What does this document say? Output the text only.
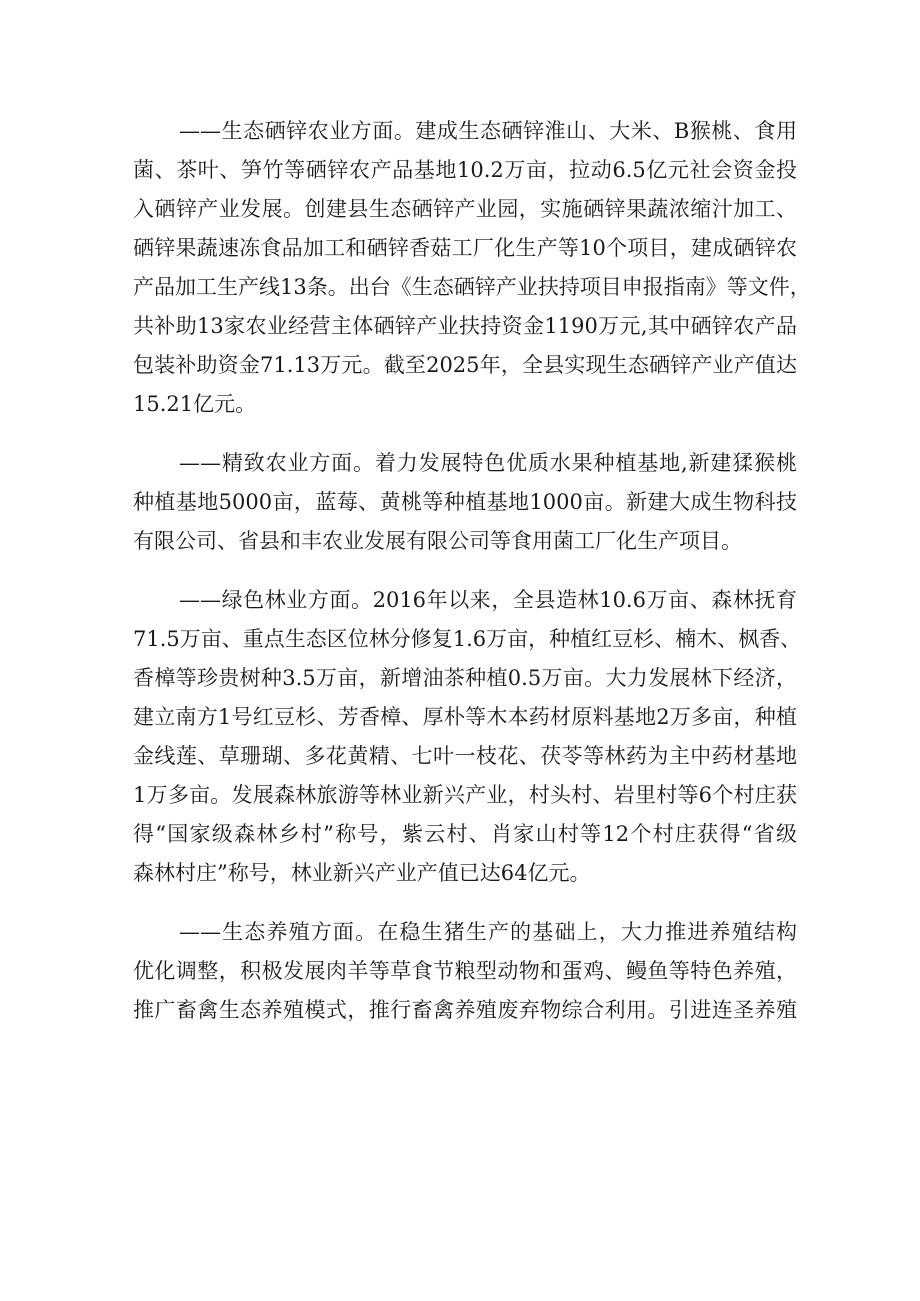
——生态硒锌农业方面。建成生态硒锌淮山、大米、B猴桃、食用
菌、茶叶、笋竹等硒锌农产品基地10.2万亩，拉动6.5亿元社会资金投
入硒锌产业发展。创建县生态硒锌产业园，实施硒锌果蔬浓缩汁加工、
硒锌果蔬速冻食品加工和硒锌香菇工厂化生产等10个项目，建成硒锌农
产品加工生产线13条。出台《生态硒锌产业扶持项目申报指南》等文件，
共补助13家农业经营主体硒锌产业扶持资金1190万元,其中硒锌农产品
包装补助资金71.13万元。截至2025年，全县实现生态硒锌产业产值达
15.21亿元。
——精致农业方面。着力发展特色优质水果种植基地,新建猱猴桃
种植基地5000亩，蓝莓、黄桃等种植基地1000亩。新建大成生物科技
有限公司、省县和丰农业发展有限公司等食用菌工厂化生产项目。
——绿色林业方面。2016年以来，全县造林10.6万亩、森林抚育
71.5万亩、重点生态区位林分修复1.6万亩，种植红豆杉、楠木、枫香、
香樟等珍贵树种3.5万亩，新增油茶种植0.5万亩。大力发展林下经济，
建立南方1号红豆杉、芳香樟、厚朴等木本药材原料基地2万多亩，种植
金线莲、草珊瑚、多花黄精、七叶一枝花、茯苓等林药为主中药材基地
1万多亩。发展森林旅游等林业新兴产业，村头村、岩里村等6个村庄获
得“国家级森林乡村”称号，紫云村、肖家山村等12个村庄获得“省级
森林村庄”称号，林业新兴产业产值已达64亿元。
——生态养殖方面。在稳生猪生产的基础上，大力推进养殖结构
优化调整，积极发展肉羊等草食节粮型动物和蛋鸡、鳗鱼等特色养殖，
推广畜禽生态养殖模式，推行畜禽养殖废弃物综合利用。引进连圣养殖
